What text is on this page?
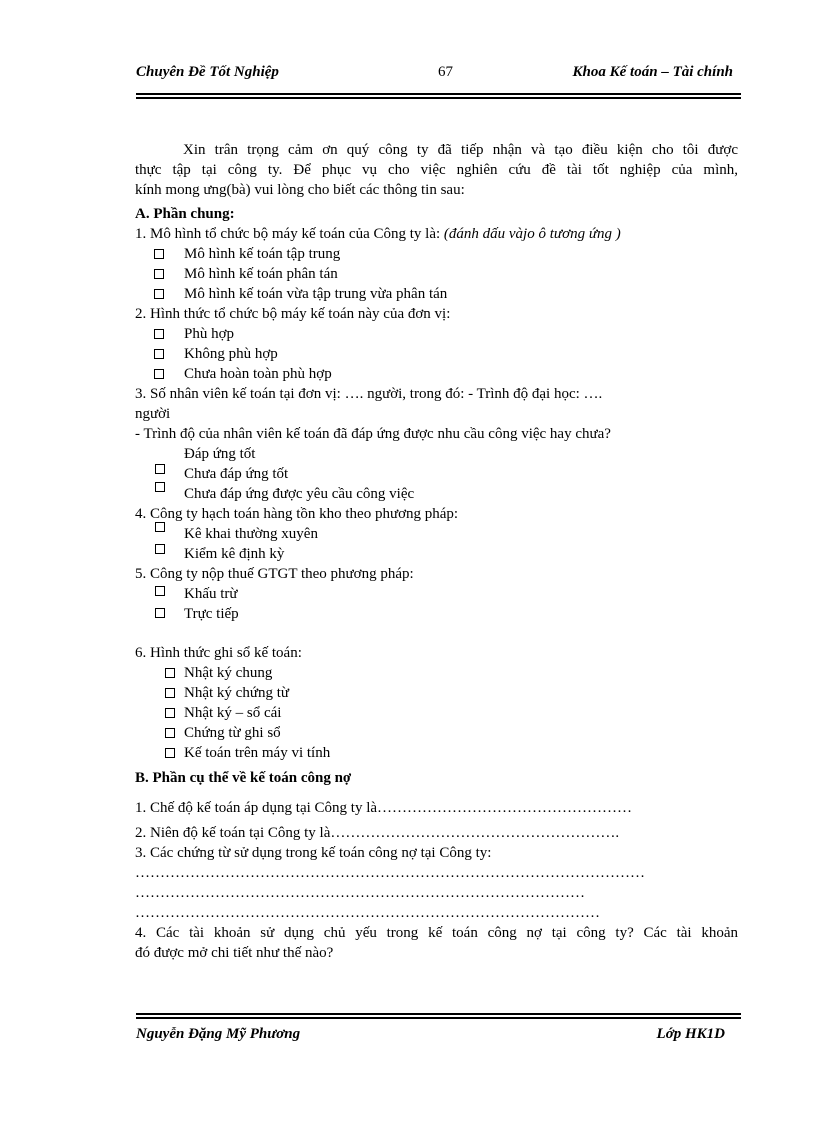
Chuyên Đề Tốt Nghiệp	67	Khoa Kế toán – Tài chính
Xin trân trọng cảm ơn quý công ty đã tiếp nhận và tạo điều kiện cho tôi được
thực tập tại công ty. Để phục vụ cho việc nghiên cứu đề tài tốt nghiệp của mình,
kính mong ưng(bà) vui lòng cho biết các thông tin sau:
A. Phần chung:
1. Mô hình tổ chức bộ máy kế toán của Công ty là: (đánh dấu vàjo ô tương ứng )
Mô hình kế toán tập trung
Mô hình kế toán phân tán
Mô hình kế toán vừa tập trung vừa phân tán
2. Hình thức tổ chức bộ máy kế toán này của đơn vị:
Phù hợp
Không phù hợp
Chưa hoàn toàn phù hợp
3. Số nhân viên kế toán tại đơn vị: …. người, trong đó: - Trình độ đại học: ….
người
- Trình độ của nhân viên kế toán đã đáp ứng được nhu cầu công việc hay chưa?
Đáp ứng tốt
Chưa đáp ứng tốt
Chưa đáp ứng được yêu cầu công việc
4. Công ty hạch toán hàng tồn kho theo phương pháp:
Kê khai thường xuyên
Kiểm kê định kỳ
5. Công ty nộp thuế GTGT theo phương pháp:
Khấu trừ
Trực tiếp
6. Hình thức ghi sổ kế toán:
Nhật ký chung
Nhật ký chứng từ
Nhật ký – sổ cái
Chứng từ ghi sổ
Kế toán trên máy vi tính
B. Phần cụ thể về kế toán công nợ
1. Chế độ kế toán áp dụng tại Công ty là……………………………………………
2. Niên độ kế toán tại Công ty là………………………………………………….
3. Các chứng từ sử dụng trong kế toán công nợ tại Công ty:
…………………………………………………………………………………………
………………………………………………………………………………
…………………………………………………………………………………
4. Các tài khoản sử dụng chủ yếu trong kế toán công nợ tại công ty? Các tài khoản
đó được mở chi tiết như thế nào?
Nguyễn Đặng Mỹ Phương	Lớp HK1D
